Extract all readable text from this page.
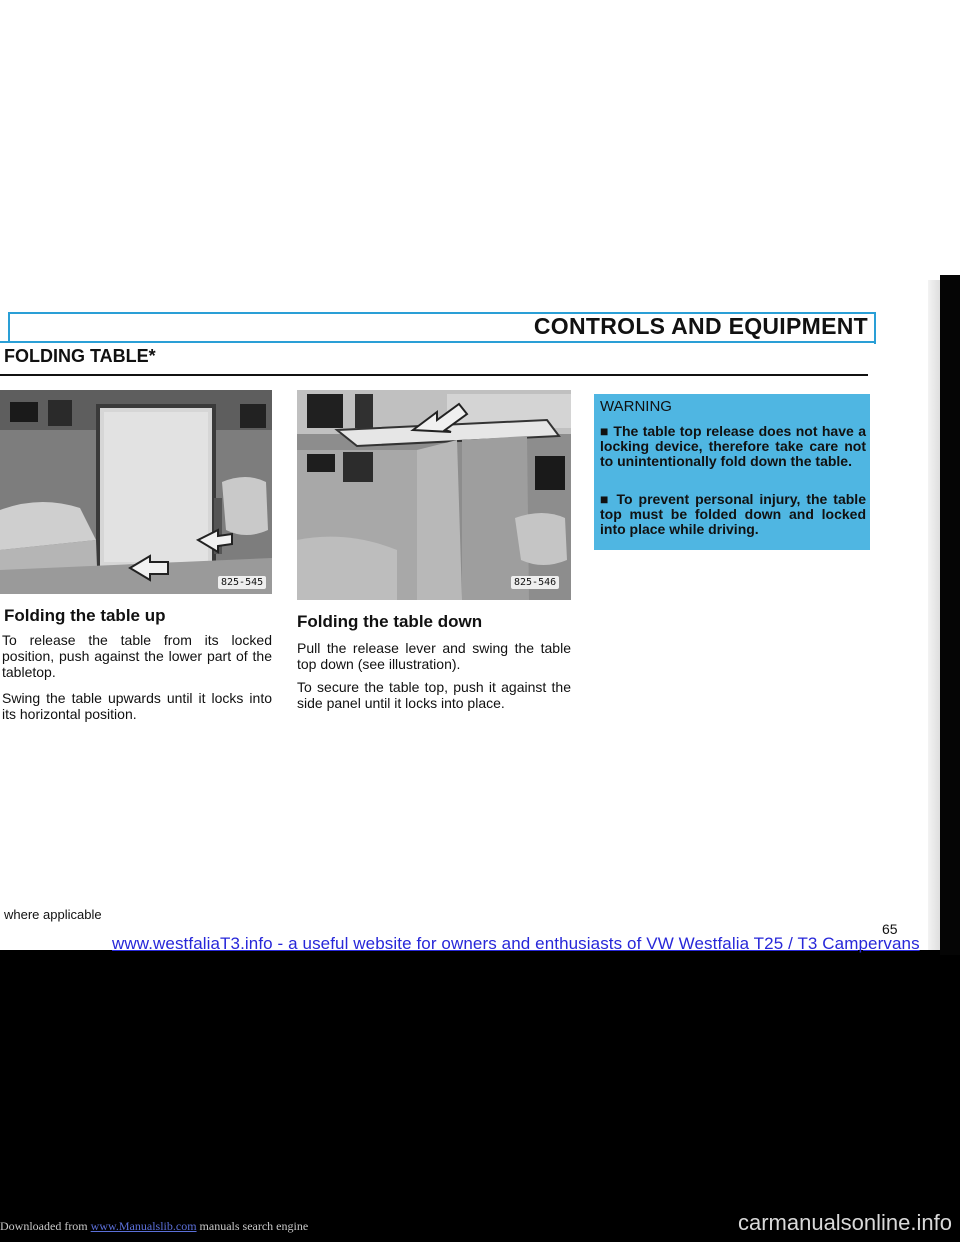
CONTROLS AND EQUIPMENT
FOLDING TABLE*
825-545	825-546
Folding the table up

To release the table from its locked position, push against the lower part of the tabletop.

Swing the table upwards until it locks into its horizontal position.

Folding the table down

Pull the release lever and swing the table top down (see illustration).

To secure the table top, push it against the side panel until it locks into place.

WARNING

■ The table top release does not have a locking device, therefore take care not to unintentionally fold down the table.

■ To prevent personal injury, the table top must be folded down and locked into place while driving.

where applicable
65
www.westfaliaT3.info - a useful website for owners and enthusiasts of VW Westfalia T25 / T3 Campervans
Downloaded from www.Manualslib.com manuals search engine	carmanualsonline.info
